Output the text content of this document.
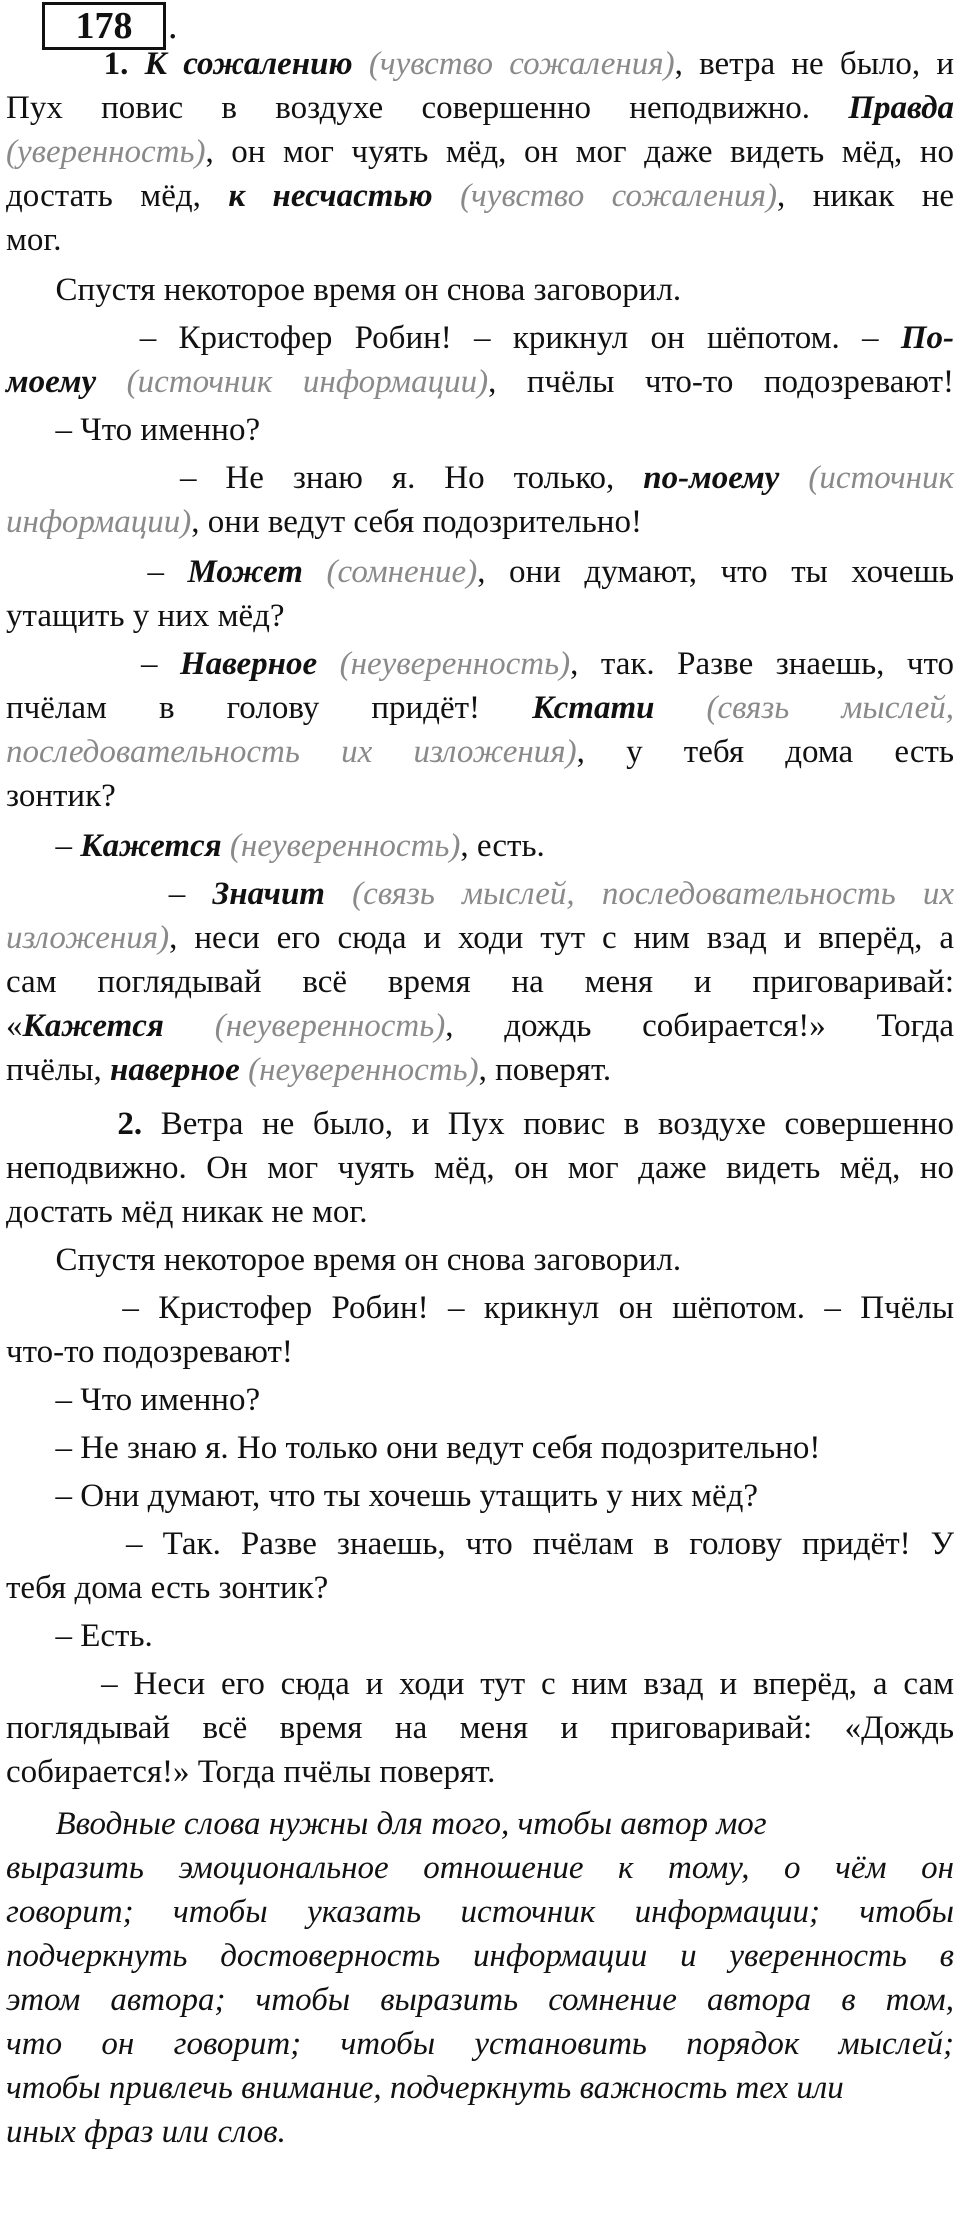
178 .
1. К сожалению (чувство сожаления), ветра не было, и
Пух повис в воздухе совершенно неподвижно. Правда
(уверенность), он мог чуять мёд, он мог даже видеть мёд, но
достать мёд, к несчастью (чувство сожаления), никак не
мог.
Спустя некоторое время он снова заговорил.
– Кристофер Робин! – крикнул он шёпотом. – По-
моему (источник информации), пчёлы что-то подозревают!
– Что именно?
– Не знаю я. Но только, по-моему (источник
информации), они ведут себя подозрительно!
– Может (сомнение), они думают, что ты хочешь
утащить у них мёд?
– Наверное (неуверенность), так. Разве знаешь, что
пчёлам в голову придёт! Кстати (связь мыслей,
последовательность их изложения), у тебя дома есть
зонтик?
– Кажется (неуверенность), есть.
– Значит (связь мыслей, последовательность их
изложения), неси его сюда и ходи тут с ним взад и вперёд, а
сам поглядывай всё время на меня и приговаривай:
«Кажется (неуверенность), дождь собирается!» Тогда
пчёлы, наверное (неуверенность), поверят.
2. Ветра не было, и Пух повис в воздухе совершенно
неподвижно. Он мог чуять мёд, он мог даже видеть мёд, но
достать мёд никак не мог.
Спустя некоторое время он снова заговорил.
– Кристофер Робин! – крикнул он шёпотом. – Пчёлы
что-то подозревают!
– Что именно?
– Не знаю я. Но только они ведут себя подозрительно!
– Они думают, что ты хочешь утащить у них мёд?
– Так. Разве знаешь, что пчёлам в голову придёт! У
тебя дома есть зонтик?
– Есть.
– Неси его сюда и ходи тут с ним взад и вперёд, а сам
поглядывай всё время на меня и приговаривай: «Дождь
собирается!» Тогда пчёлы поверят.
Вводные слова нужны для того, чтобы автор мог
выразить эмоциональное отношение к тому, о чём он
говорит; чтобы указать источник информации; чтобы
подчеркнуть достоверность информации и уверенность в
этом автора; чтобы выразить сомнение автора в том,
что он говорит; чтобы установить порядок мыслей;
чтобы привлечь внимание, подчеркнуть важность тех или
иных фраз или слов.
